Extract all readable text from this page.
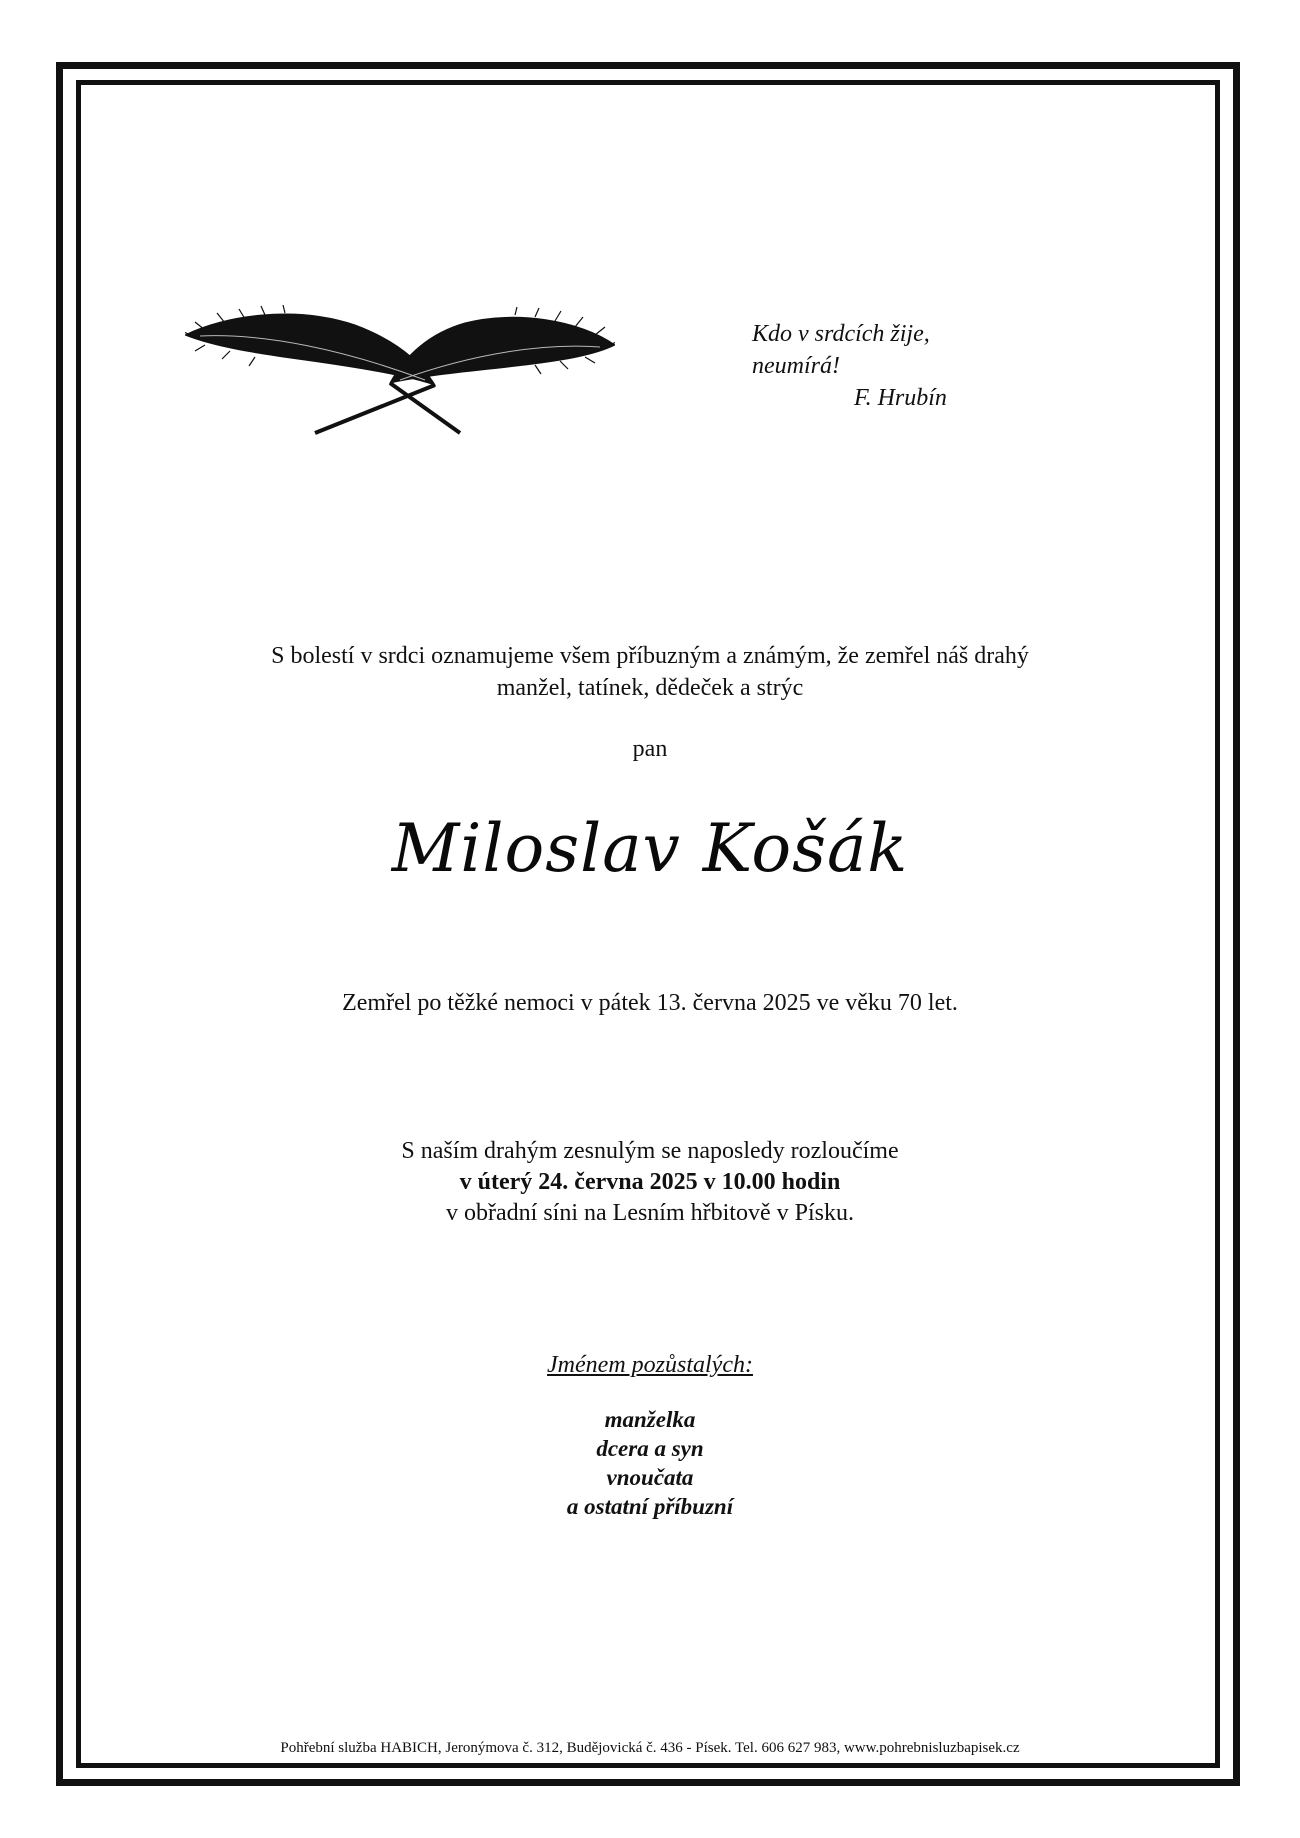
Kdo v srdcích žije,
neumírá!
F. Hrubín
S bolestí v srdci oznamujeme všem příbuzným a známým, že zemřel náš drahý
manžel, tatínek, dědeček a strýc
pan
Miloslav Košák
Zemřel po těžké nemoci v pátek 13. června 2025 ve věku 70 let.
S naším drahým zesnulým se naposledy rozloučíme
v úterý 24. června 2025 v 10.00 hodin
v obřadní síni na Lesním hřbitově v Písku.
Jménem pozůstalých:
manželka
dcera a syn
vnoučata
a ostatní příbuzní
Pohřební služba HABICH, Jeronýmova č. 312, Budějovická č. 436 - Písek. Tel. 606 627 983, www.pohrebnisluzbapisek.cz
